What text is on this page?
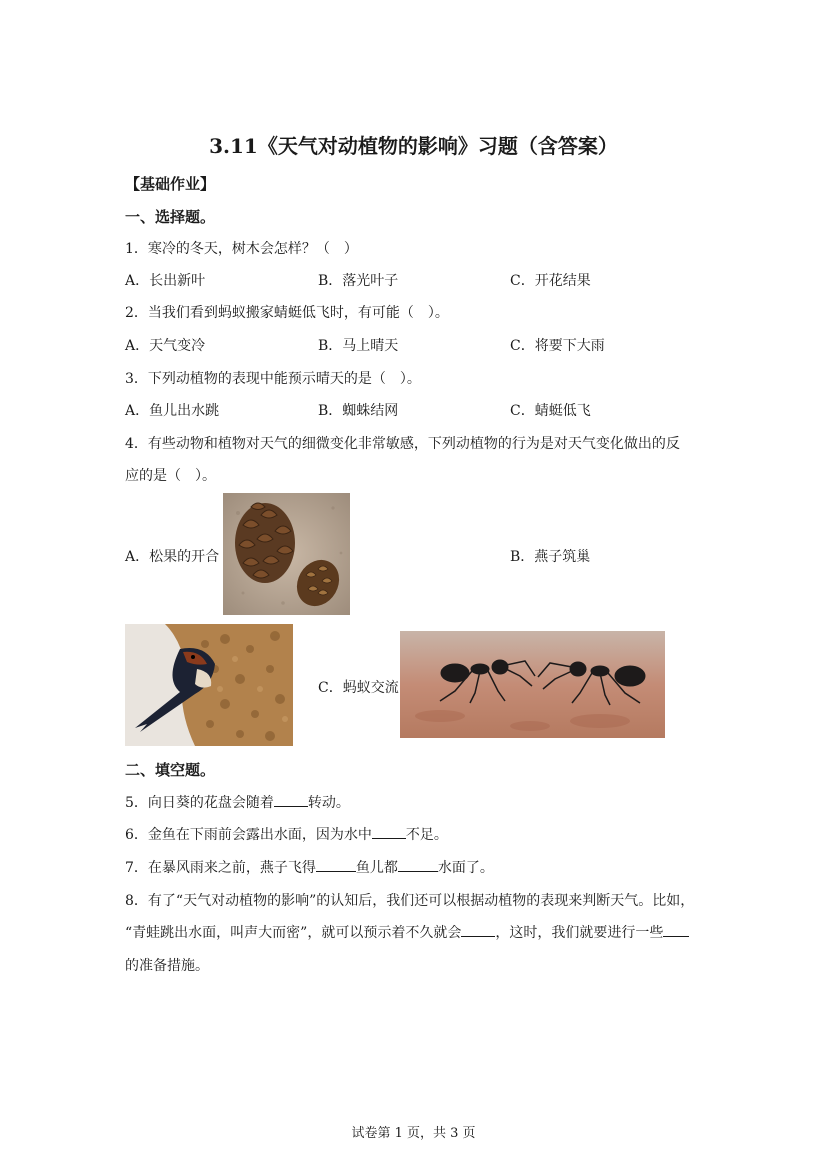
3.11《天气对动植物的影响》习题（含答案）
【基础作业】
一、选择题。
1．寒冷的冬天，树木会怎样？（　）
A．长出新叶	B．落光叶子	C．开花结果
2．当我们看到蚂蚁搬家蜻蜓低飞时，有可能（　）。
A．天气变冷	B．马上晴天	C．将要下大雨
3．下列动植物的表现中能预示晴天的是（　）。
A．鱼儿出水跳	B．蜘蛛结网	C．蜻蜓低飞
4．有些动物和植物对天气的细微变化非常敏感，下列动植物的行为是对天气变化做出的反
应的是（　）。
A．松果的开合	B．燕子筑巢
C．蚂蚁交流
二、填空题。
5．向日葵的花盘会随着 转动。
6．金鱼在下雨前会露出水面，因为水中 不足。
7．在暴风雨来之前，燕子飞得	鱼儿都	水面了。
8．有了“天气对动植物的影响”的认知后，我们还可以根据动植物的表现来判断天气。比如，
“青蛙跳出水面，叫声大而密”，就可以预示着不久就会 ，这时，我们就要进行一些
的准备措施。
试卷第 1 页，共 3 页
